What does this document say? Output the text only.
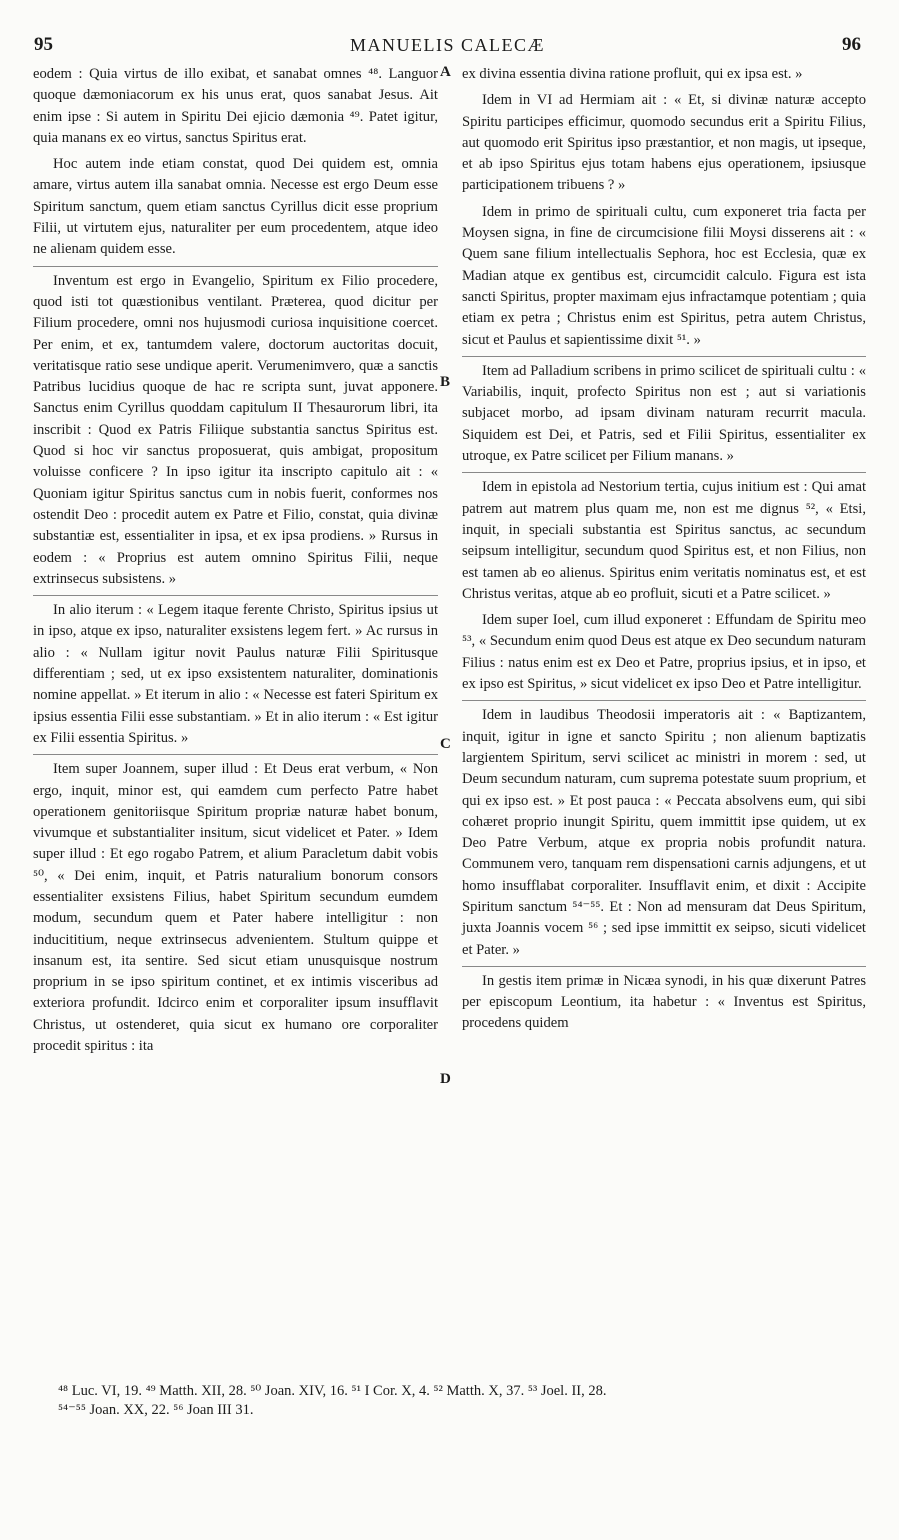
95	MANUELIS CALECÆ	96

eodem : Quia virtus de illo exibat, et sanabat omnes ⁴⁸. Languor quoque dæmoniacorum ex his unus erat, quos sanabat Jesus. Ait enim ipse : Si autem in Spiritu Dei ejicio dæmonia ⁴⁹. Patet igitur, quia manans ex eo virtus, sanctus Spiritus erat.

Hoc autem inde etiam constat, quod Dei quidem est, omnia amare, virtus autem illa sanabat omnia. Necesse est ergo Deum esse Spiritum sanctum, quem etiam sanctus Cyrillus dicit esse proprium Filii, ut virtutem ejus, naturaliter per eum procedentem, atque ideo ne alienam quidem esse.

Inventum est ergo in Evangelio, Spiritum ex Filio procedere, quod isti tot quæstionibus ventilant. Præterea, quod dicitur per Filium procedere, omni nos hujusmodi curiosa inquisitione coercet. Per enim, et ex, tantumdem valere, doctorum auctoritas docuit, veritatisque ratio sese undique aperit. Verumenimvero, quæ a sanctis Patribus lucidius quoque de hac re scripta sunt, juvat apponere. Sanctus enim Cyrillus quoddam capitulum II Thesaurorum libri, ita inscribit : Quod ex Patris Filiique substantia sanctus Spiritus est. Quod si hoc vir sanctus proposuerat, quis ambigat, propositum voluisse conficere ? In ipso igitur ita inscripto capitulo ait : « Quoniam igitur Spiritus sanctus cum in nobis fuerit, conformes nos ostendit Deo : procedit autem ex Patre et Filio, constat, quia divinæ substantiæ est, essentialiter in ipsa, et ex ipsa prodiens. » Rursus in eodem : « Proprius est autem omnino Spiritus Filii, neque extrinsecus subsistens. »

In alio iterum : « Legem itaque ferente Christo, Spiritus ipsius ut in ipso, atque ex ipso, naturaliter exsistens legem fert. » Ac rursus in alio : « Nullam igitur novit Paulus naturæ Filii Spiritusque differentiam ; sed, ut ex ipso exsistentem naturaliter, dominationis nomine appellat. » Et iterum in alio : « Necesse est fateri Spiritum ex ipsius essentia Filii esse substantiam. » Et in alio iterum : « Est igitur ex Filii essentia Spiritus. »

Item super Joannem, super illud : Et Deus erat verbum, « Non ergo, inquit, minor est, qui eamdem cum perfecto Patre habet operationem genitoriisque Spiritum propriæ naturæ habet bonum, vivumque et substantialiter insitum, sicut videlicet et Pater. » Idem super illud : Et ego rogabo Patrem, et alium Paracletum dabit vobis ⁵⁰, « Dei enim, inquit, et Patris naturalium bonorum consors essentialiter exsistens Filius, habet Spiritum secundum eumdem modum, secundum quem et Pater habere intelligitur : non inducititium, neque extrinsecus advenientem. Stultum quippe et insanum est, ita sentire. Sed sicut etiam unusquisque nostrum proprium in se ipso spiritum continet, et ex intimis visceribus ad exteriora profundit. Idcirco enim et corporaliter ipsum insufflavit Christus, ut ostenderet, quia sicut ex humano ore corporaliter procedit spiritus : ita

A
B
C
D

ex divina essentia divina ratione profluit, qui ex ipsa est. »

Idem in VI ad Hermiam ait : « Et, si divinæ naturæ accepto Spiritu participes efficimur, quomodo secundus erit a Spiritu Filius, aut quomodo erit Spiritus ipso præstantior, et non magis, ut ipseque, et ab ipso Spiritus ejus totam habens ejus operationem, ipsiusque participationem tribuens ? »

Idem in primo de spirituali cultu, cum exponeret tria facta per Moysen signa, in fine de circumcisione filii Moysi disserens ait : « Quem sane filium intellectualis Sephora, hoc est Ecclesia, quæ ex Madian atque ex gentibus est, circumcidit calculo. Figura est ista sancti Spiritus, propter maximam ejus infractamque potentiam ; quia etiam ex petra ; Christus enim est Spiritus, petra autem Christus, sicut et Paulus et sapientissime dixit ⁵¹. »

Item ad Palladium scribens in primo scilicet de spirituali cultu : « Variabilis, inquit, profecto Spiritus non est ; aut si variationis subjacet morbo, ad ipsam divinam naturam recurrit macula. Siquidem est Dei, et Patris, sed et Filii Spiritus, essentialiter ex utroque, ex Patre scilicet per Filium manans. »

Idem in epistola ad Nestorium tertia, cujus initium est : Qui amat patrem aut matrem plus quam me, non est me dignus ⁵², « Etsi, inquit, in speciali substantia est Spiritus sanctus, ac secundum seipsum intelligitur, secundum quod Spiritus est, et non Filius, non est tamen ab eo alienus. Spiritus enim veritatis nominatus est, et est Christus veritas, atque ab eo profluit, sicuti et a Patre scilicet. »

Idem super Ioel, cum illud exponeret : Effundam de Spiritu meo ⁵³, « Secundum enim quod Deus est atque ex Deo secundum naturam Filius : natus enim est ex Deo et Patre, proprius ipsius, et in ipso, et ex ipso est Spiritus, » sicut videlicet ex ipso Deo et Patre intelligitur.

Idem in laudibus Theodosii imperatoris ait : « Baptizantem, inquit, igitur in igne et sancto Spiritu ; non alienum baptizatis largientem Spiritum, servi scilicet ac ministri in morem : sed, ut Deum secundum naturam, cum suprema potestate suum proprium, et qui ex ipso est. » Et post pauca : « Peccata absolvens eum, qui sibi cohæret proprio inungit Spiritu, quem immittit ipse quidem, ut ex Deo Patre Verbum, atque ex propria nobis profundit natura. Communem vero, tanquam rem dispensationi carnis adjungens, et ut homo insufflabat corporaliter. Insufflavit enim, et dixit : Accipite Spiritum sanctum ⁵⁴⁻⁵⁵. Et : Non ad mensuram dat Deus Spiritum, juxta Joannis vocem ⁵⁶ ; sed ipse immittit ex seipso, sicuti videlicet et Pater. »

In gestis item primæ in Nicæa synodi, in his quæ dixerunt Patres per episcopum Leontium, ita habetur : « Inventus est Spiritus, procedens quidem

⁴⁸ Luc. VI, 19. ⁴⁹ Matth. XII, 28. ⁵⁰ Joan. XIV, 16. ⁵¹ I Cor. X, 4. ⁵² Matth. X, 37. ⁵³ Joel. II, 28.
⁵⁴⁻⁵⁵ Joan. XX, 22. ⁵⁶ Joan III 31.
